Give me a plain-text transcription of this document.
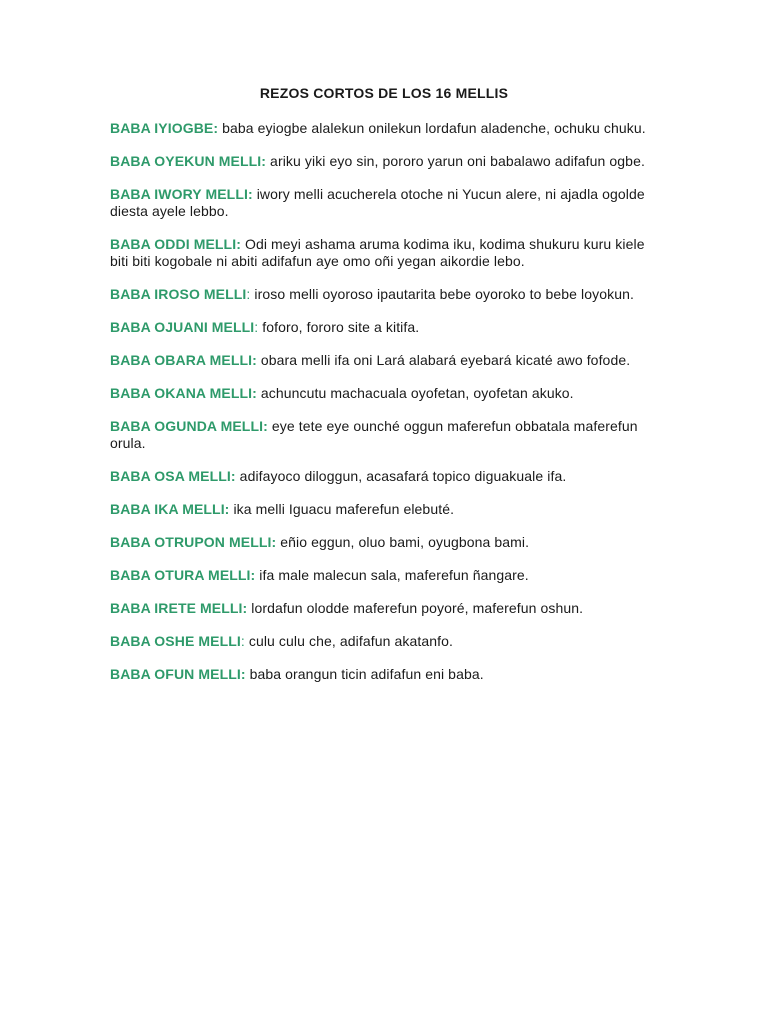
REZOS CORTOS DE LOS 16 MELLIS

BABA IYIOGBE: baba eyiogbe alalekun onilekun lordafun aladenche, ochuku chuku.

BABA OYEKUN MELLI: ariku yiki eyo sin, pororo yarun oni babalawo adifafun ogbe.

BABA IWORY MELLI: iwory melli acucherela otoche ni Yucun alere, ni ajadla ogolde diesta ayele lebbo.

BABA ODDI MELLI: Odi meyi ashama aruma kodima iku, kodima shukuru kuru kiele biti biti kogobale ni abiti adifafun aye omo oñi yegan aikordie lebo.

BABA IROSO MELLI: iroso melli oyoroso ipautarita bebe oyoroko to bebe loyokun.

BABA OJUANI MELLI: foforo, fororo site a kitifa.

BABA OBARA MELLI: obara melli ifa oni Lará alabará eyebará kicaté awo fofode.

BABA OKANA MELLI: achuncutu machacuala oyofetan, oyofetan akuko.

BABA OGUNDA MELLI: eye tete eye ounché oggun maferefun obbatala maferefun orula.

BABA OSA MELLI: adifayoco diloggun, acasafará topico diguakuale ifa.

BABA IKA MELLI: ika melli Iguacu maferefun elebuté.

BABA OTRUPON MELLI: eñio eggun, oluo bami, oyugbona bami.

BABA OTURA MELLI: ifa male malecun sala, maferefun ñangare.

BABA IRETE MELLI: lordafun olodde maferefun poyoré, maferefun oshun.

BABA OSHE MELLI: culu culu che, adifafun akatanfo.

BABA OFUN MELLI: baba orangun ticin adifafun eni baba.
